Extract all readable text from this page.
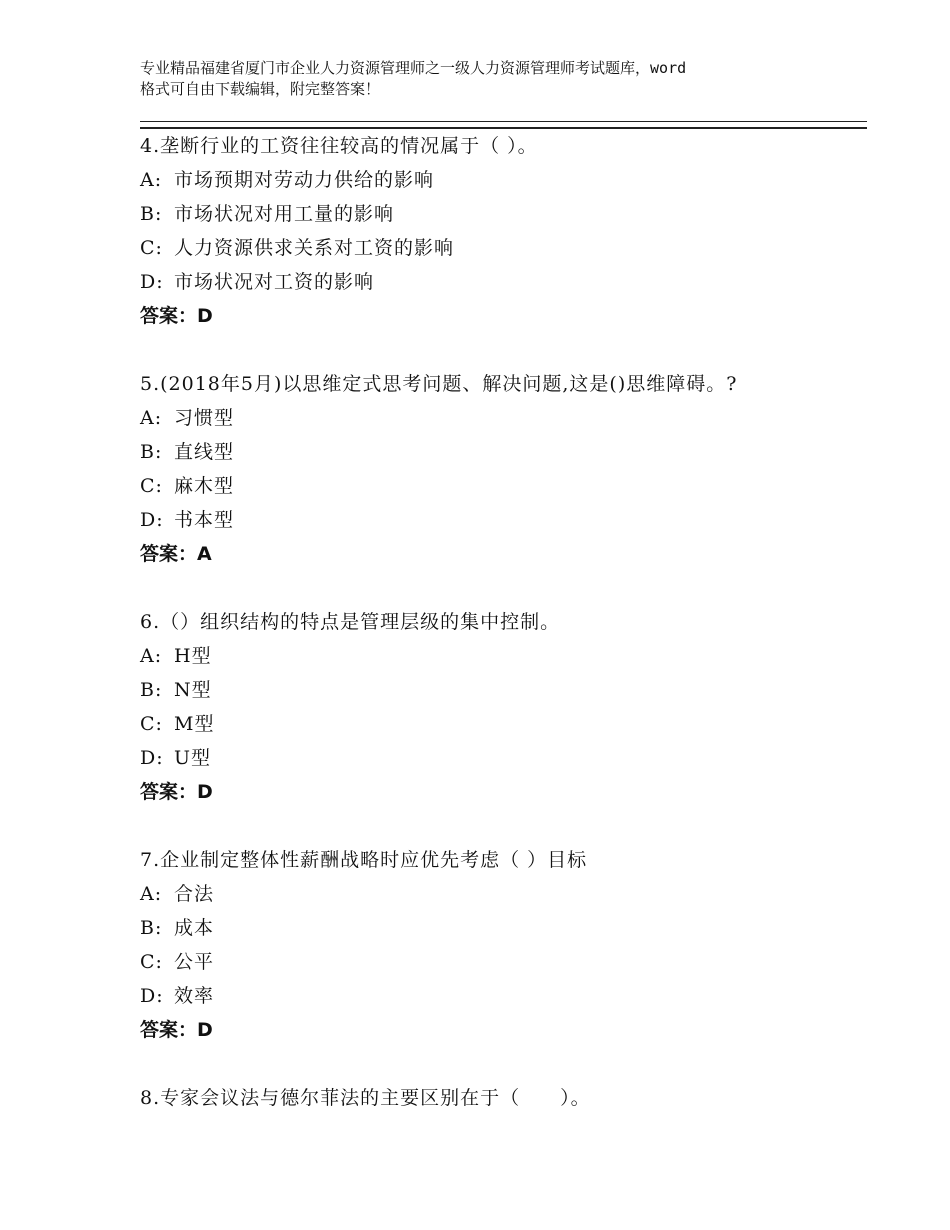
专业精品福建省厦门市企业人力资源管理师之一级人力资源管理师考试题库，word
格式可自由下载编辑，附完整答案！
4.垄断行业的工资往往较高的情况属于（ ）。
A: 市场预期对劳动力供给的影响
B: 市场状况对用工量的影响
C: 人力资源供求关系对工资的影响
D: 市场状况对工资的影响
答案：D
5.(2018年5月)以思维定式思考问题、解决问题,这是()思维障碍。?
A: 习惯型
B: 直线型
C: 麻木型
D: 书本型
答案：A
6.（）组织结构的特点是管理层级的集中控制。
A: H型
B: N型
C: M型
D: U型
答案：D
7.企业制定整体性薪酬战略时应优先考虑（ ）目标
A: 合法
B: 成本
C: 公平
D: 效率
答案：D
8.专家会议法与德尔菲法的主要区别在于（　　）。
